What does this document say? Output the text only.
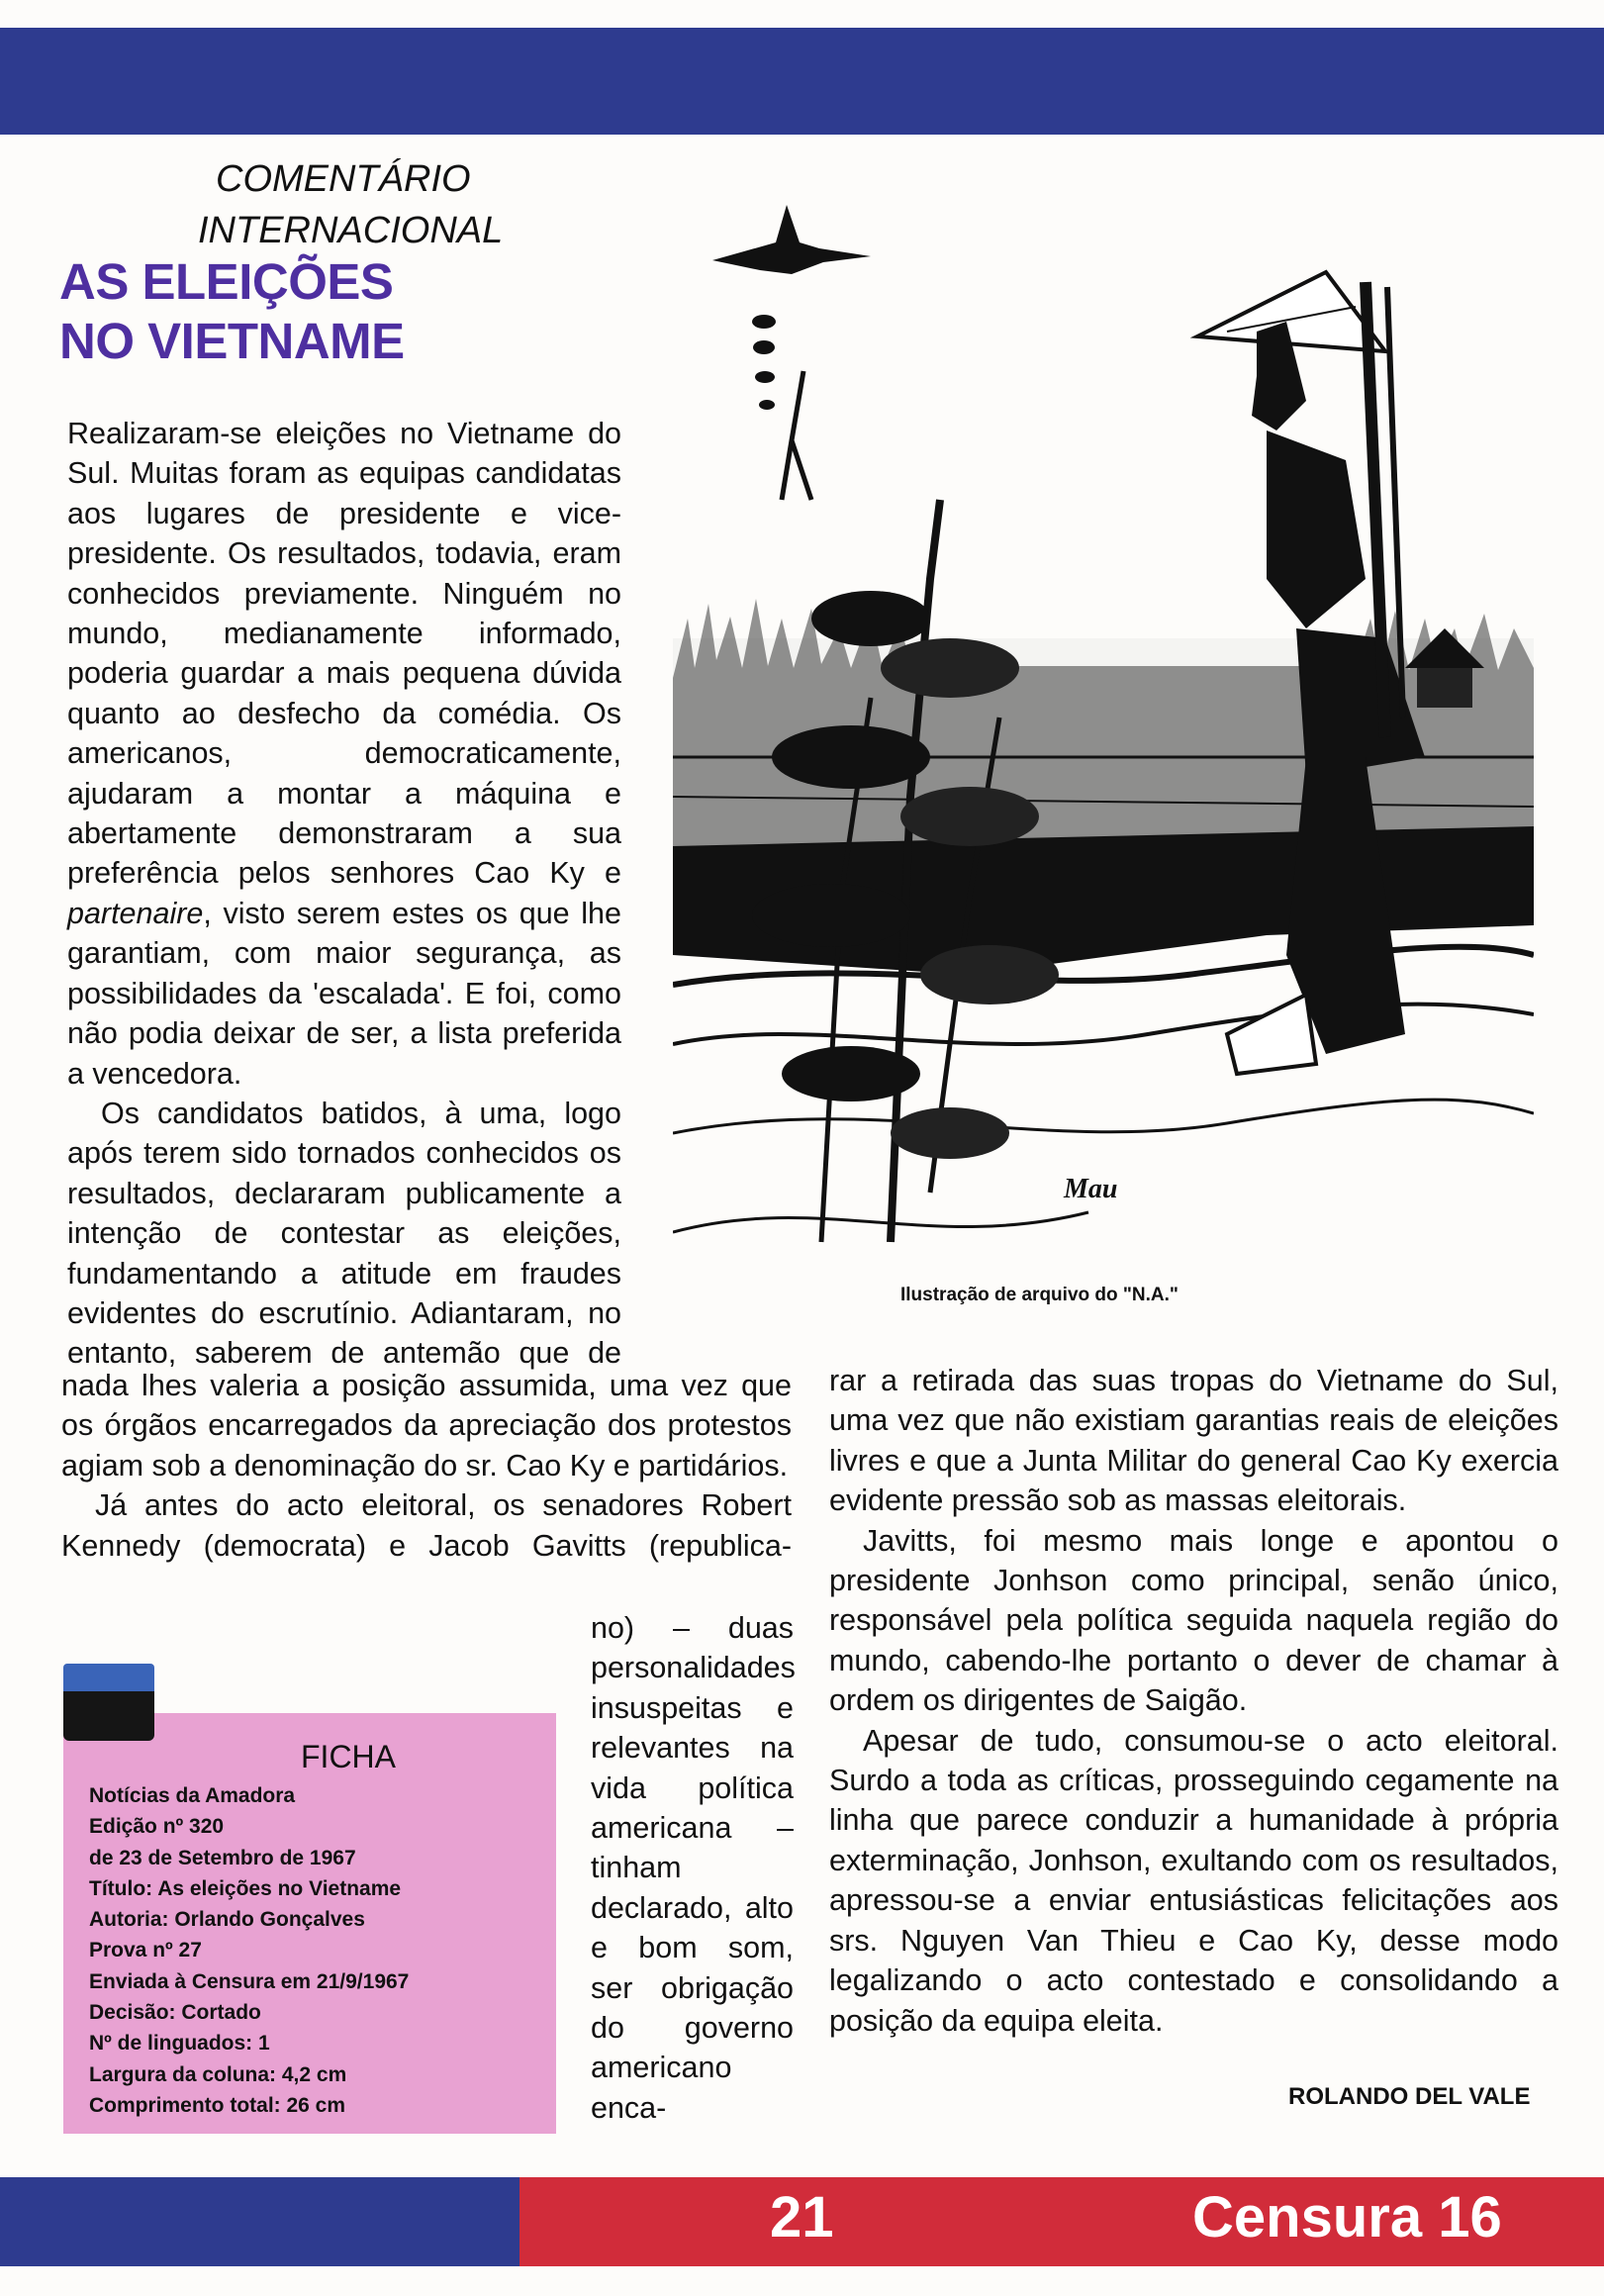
COMENTÁRIO
INTERNACIONAL
AS ELEIÇÕES
NO VIETNAME

Realizaram-se eleições no Vietname do Sul. Muitas foram as equipas candidatas aos lugares de presidente e vice-presidente. Os resultados, todavia, eram conhecidos previamente. Ninguém no mundo, medianamente informado, poderia guardar a mais pequena dúvida quanto ao desfecho da comédia. Os americanos, democraticamente, ajudaram a montar a máquina e abertamente demonstraram a sua preferência pelos senhores Cao Ky e partenaire, visto serem estes os que lhe garantiam, com maior segurança, as possibilidades da 'escalada'. E foi, como não podia deixar de ser, a lista preferida a vencedora.

Os candidatos batidos, à uma, logo após terem sido tornados conhecidos os resultados, declararam publicamente a intenção de contestar as eleições, fundamentando a atitude em fraudes evidentes do escrutínio. Adiantaram, no entanto, saberem de antemão que de

nada lhes valeria a posição assumida, uma vez que os órgãos encarregados da apreciação dos protestos agiam sob a denominação do sr. Cao Ky e partidários.

Já antes do acto eleitoral, os senadores Robert Kennedy (democrata) e Jacob Gavitts (republica-

no) – duas personalidades insuspeitas e relevantes na vida política americana – tinham declarado, alto e bom som, ser obrigação do governo americano enca-

rar a retirada das suas tropas do Vietname do Sul, uma vez que não existiam garantias reais de eleições livres e que a Junta Militar do general Cao Ky exercia evidente pressão sob as massas eleitorais.

Javitts, foi mesmo mais longe e apontou o presidente Jonhson como principal, senão único, responsável pela política seguida naquela região do mundo, cabendo-lhe portanto o dever de chamar à ordem os dirigentes de Saigão.

Apesar de tudo, consumou-se o acto eleitoral. Surdo a toda as críticas, prosseguindo cegamente na linha que parece conduzir a humanidade à própria exterminação, Jonhson, exultando com os resultados, apressou-se a enviar entusiásticas felicitações aos srs. Nguyen Van Thieu e Cao Ky, desse modo legalizando o acto contestado e consolidando a posição da equipa eleita.

Mau
Ilustração de arquivo do "N.A."
FICHA
Notícias da Amadora
Edição nº 320
de 23 de Setembro de 1967
Título: As eleições no Vietname
Autoria: Orlando Gonçalves
Prova nº 27
Enviada à Censura em 21/9/1967
Decisão: Cortado
Nº de linguados: 1
Largura da coluna: 4,2 cm
Comprimento total: 26 cm	ROLANDO DEL VALE
21	Censura 16
